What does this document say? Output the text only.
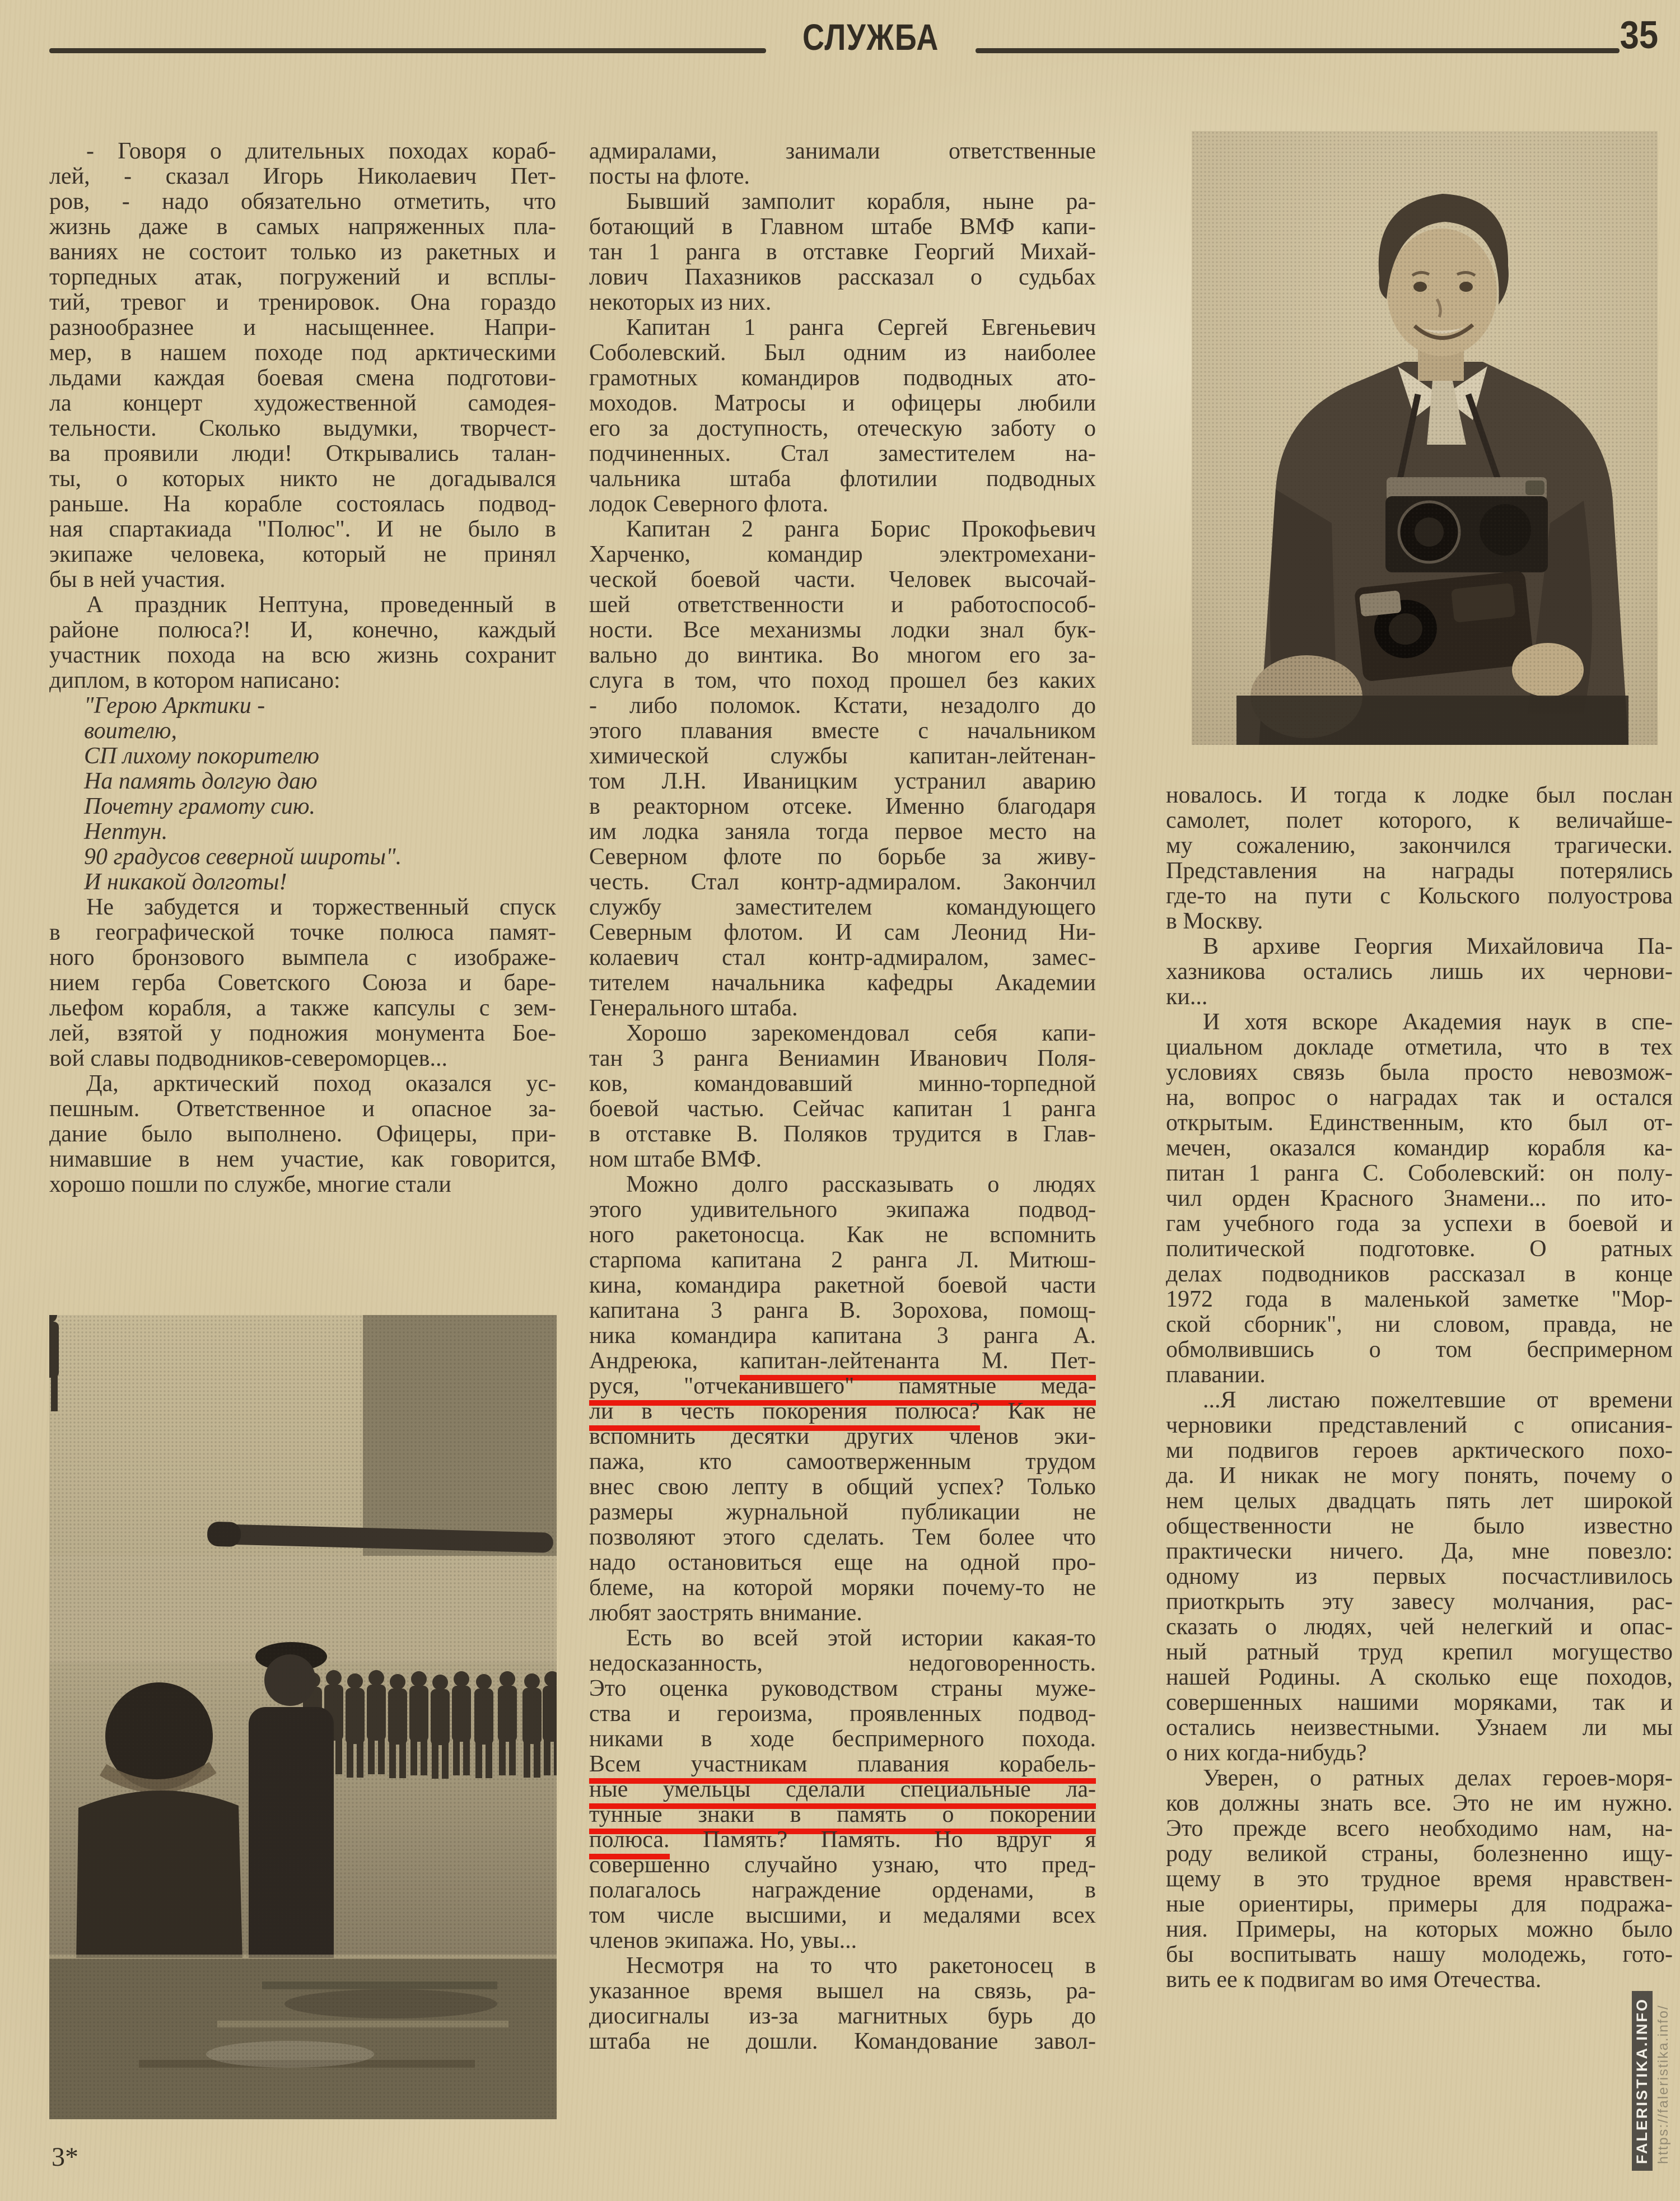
СЛУЖБА	35
- Говоря о длительных походах кораб-
лей, - сказал Игорь Николаевич Пет-
ров, - надо обязательно отметить, что
жизнь даже в самых напряженных пла-
ваниях не состоит только из ракетных и
торпедных атак, погружений и всплы-
тий, тревог и тренировок. Она гораздо
разнообразнее и насыщеннее. Напри-
мер, в нашем походе под арктическими
льдами каждая боевая смена подготови-
ла концерт художественной самодея-
тельности. Сколько выдумки, творчест-
ва проявили люди! Открывались талан-
ты, о которых никто не догадывался
раньше. На корабле состоялась подвод-
ная спартакиада "Полюс". И не было в
экипаже человека, который не принял
бы в ней участия.
А праздник Нептуна, проведенный в
районе полюса?! И, конечно, каждый
участник похода на всю жизнь сохранит
диплом, в котором написано:
"Герою Арктики -
воителю,
СП лихому покорителю
На память долгую даю
Почетну грамоту сию.
Нептун.
90 градусов северной широты".
И никакой долготы!
Не забудется и торжественный спуск
в географической точке полюса памят-
ного бронзового вымпела с изображе-
нием герба Советского Союза и баре-
льефом корабля, а также капсулы с зем-
лей, взятой у подножия монумента Бое-
вой славы подводников-североморцев...
Да, арктический поход оказался ус-
пешным. Ответственное и опасное за-
дание было выполнено. Офицеры, при-
нимавшие в нем участие, как говорится,
хорошо пошли по службе, многие стали
3*
адмиралами, занимали ответственные
посты на флоте.
Бывший замполит корабля, ныне ра-
ботающий в Главном штабе ВМФ капи-
тан 1 ранга в отставке Георгий Михай-
лович Пахазников рассказал о судьбах
некоторых из них.
Капитан 1 ранга Сергей Евгеньевич
Соболевский. Был одним из наиболее
грамотных командиров подводных ато-
моходов. Матросы и офицеры любили
его за доступность, отеческую заботу о
подчиненных. Стал заместителем на-
чальника штаба флотилии подводных
лодок Северного флота.
Капитан 2 ранга Борис Прокофьевич
Харченко, командир электромехани-
ческой боевой части. Человек высочай-
шей ответственности и работоспособ-
ности. Все механизмы лодки знал бук-
вально до винтика. Во многом его за-
слуга в том, что поход прошел без каких
- либо поломок. Кстати, незадолго до
этого плавания вместе с начальником
химической службы капитан-лейтенан-
том Л.Н. Иваницким устранил аварию
в реакторном отсеке. Именно благодаря
им лодка заняла тогда первое место на
Северном флоте по борьбе за живу-
честь. Стал контр-адмиралом. Закончил
службу заместителем командующего
Северным флотом. И сам Леонид Ни-
колаевич стал контр-адмиралом, замес-
тителем начальника кафедры Академии
Генерального штаба.
Хорошо зарекомендовал себя капи-
тан 3 ранга Вениамин Иванович Поля-
ков, командовавший минно-торпедной
боевой частью. Сейчас капитан 1 ранга
в отставке В. Поляков трудится в Глав-
ном штабе ВМФ.
Можно долго рассказывать о людях
этого удивительного экипажа подвод-
ного ракетоносца. Как не вспомнить
старпома капитана 2 ранга Л. Митюш-
кина, командира ракетной боевой части
капитана 3 ранга В. Зорохова, помощ-
ника командира капитана 3 ранга А.
Андреюка, капитан-лейтенанта М. Пет-
руся, "отчеканившего" памятные меда-
ли в честь покорения полюса? Как не
вспомнить десятки других членов эки-
пажа, кто самоотверженным трудом
внес свою лепту в общий успех? Только
размеры журнальной публикации не
позволяют этого сделать. Тем более что
надо остановиться еще на одной про-
блеме, на которой моряки почему-то не
любят заострять внимание.
Есть во всей этой истории какая-то
недосказанность, недоговоренность.
Это оценка руководством страны муже-
ства и героизма, проявленных подвод-
никами в ходе беспримерного похода.
Всем участникам плавания корабель-
ные умельцы сделали специальные ла-
тунные знаки в память о покорении
полюса. Память? Память. Но вдруг я
совершенно случайно узнаю, что пред-
полагалось награждение орденами, в
том числе высшими, и медалями всех
членов экипажа. Но, увы...
Несмотря на то что ракетоносец в
указанное время вышел на связь, ра-
диосигналы из-за магнитных бурь до
штаба не дошли. Командование завол-
новалось. И тогда к лодке был послан
самолет, полет которого, к величайше-
му сожалению, закончился трагически.
Представления на награды потерялись
где-то на пути с Кольского полуострова
в Москву.
В архиве Георгия Михайловича Па-
хазникова остались лишь их чернови-
ки...
И хотя вскоре Академия наук в спе-
циальном докладе отметила, что в тех
условиях связь была просто невозмож-
на, вопрос о наградах так и остался
открытым. Единственным, кто был от-
мечен, оказался командир корабля ка-
питан 1 ранга С. Соболевский: он полу-
чил орден Красного Знамени... по ито-
гам учебного года за успехи в боевой и
политической подготовке. О ратных
делах подводников рассказал в конце
1972 года в маленькой заметке "Мор-
ской сборник", ни словом, правда, не
обмолвившись о том беспримерном
плавании.
...Я листаю пожелтевшие от времени
черновики представлений с описания-
ми подвигов героев арктического похо-
да. И никак не могу понять, почему о
нем целых двадцать пять лет широкой
общественности не было известно
практически ничего. Да, мне повезло:
одному из первых посчастливилось
приоткрыть эту завесу молчания, рас-
сказать о людях, чей нелегкий и опас-
ный ратный труд крепил могущество
нашей Родины. А сколько еще походов,
совершенных нашими моряками, так и
остались неизвестными. Узнаем ли мы
о них когда-нибудь?
Уверен, о ратных делах героев-моря-
ков должны знать все. Это не им нужно.
Это прежде всего необходимо нам, на-
роду великой страны, болезненно ищу-
щему в это трудное время нравствен-
ные ориентиры, примеры для подража-
ния. Примеры, на которых можно было
бы воспитывать нашу молодежь, гото-
вить ее к подвигам во имя Отечества.
FALERISTIKA.INFO https://faleristika.info/
